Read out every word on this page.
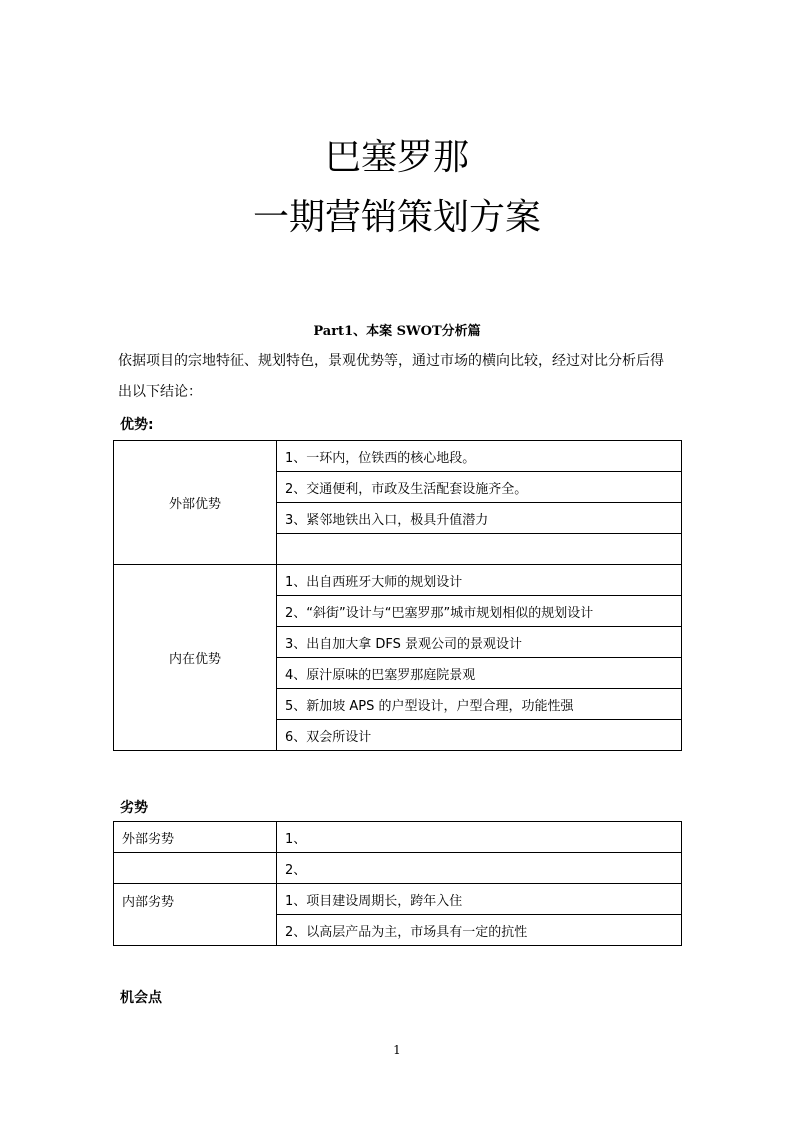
巴塞罗那
一期营销策划方案
Part1、本案 SWOT分析篇

依据项目的宗地特征、规划特色，景观优势等，通过市场的横向比较，经过对比分析后得

出以下结论：

优势:
外部优势	1、一环内，位铁西的核心地段。
	2、交通便利，市政及生活配套设施齐全。
	3、紧邻地铁出入口，极具升值潜力

内在优势	1、出自西班牙大师的规划设计
	2、“斜街”设计与“巴塞罗那”城市规划相似的规划设计
	3、出自加大拿 DFS 景观公司的景观设计
	4、原汁原味的巴塞罗那庭院景观
	5、新加坡 APS 的户型设计，户型合理，功能性强
	6、双会所设计
劣势
外部劣势	1、
	2、
内部劣势	1、项目建设周期长，跨年入住
	2、以高层产品为主，市场具有一定的抗性
机会点
1
